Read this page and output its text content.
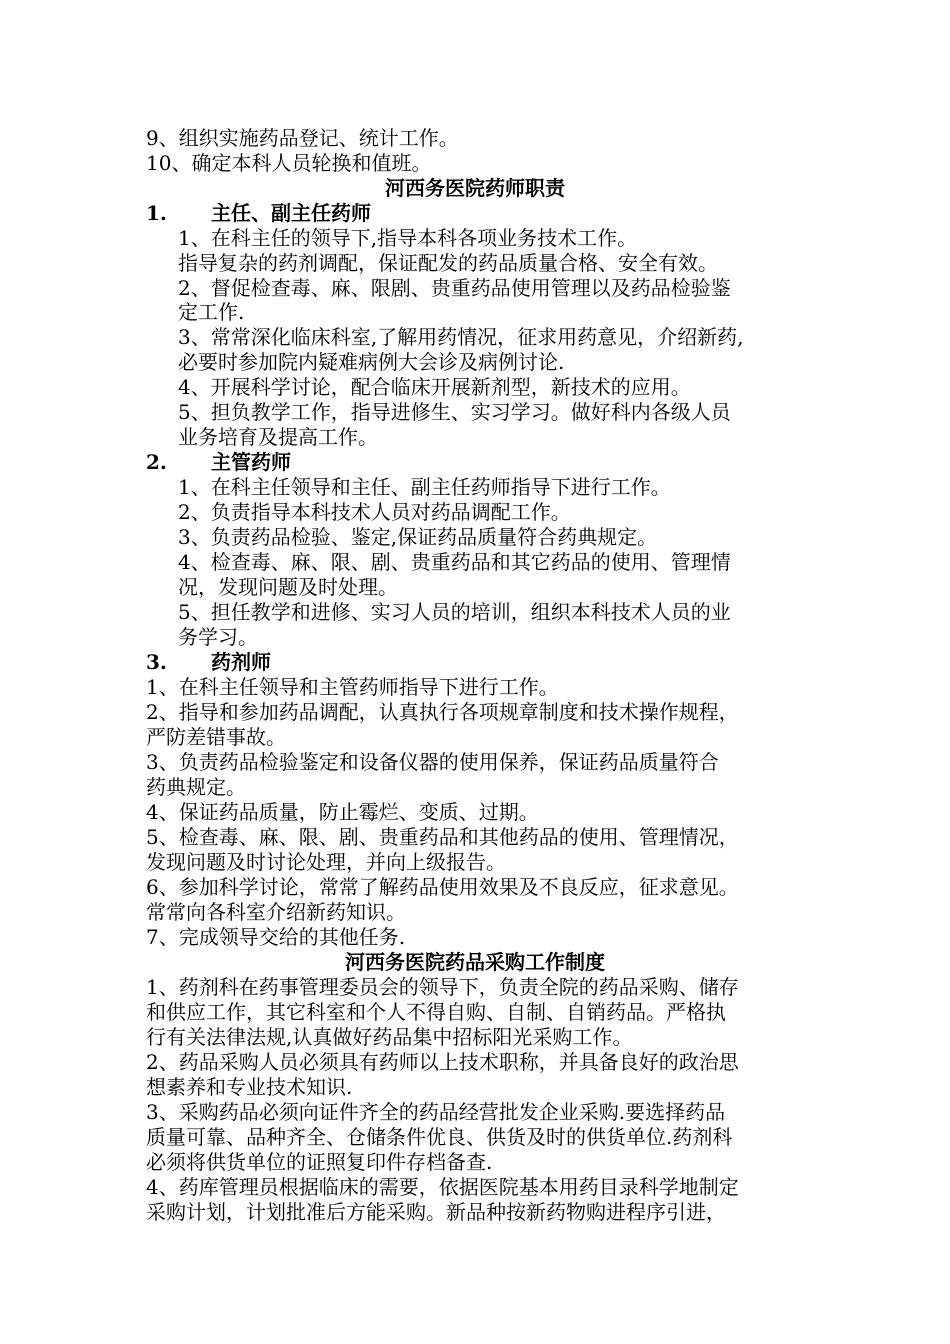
9、组织实施药品登记、统计工作。
10、确定本科人员轮换和值班。
河西务医院药师职责
1. 主任、副主任药师
1、在科主任的领导下,指导本科各项业务技术工作。
指导复杂的药剂调配，保证配发的药品质量合格、安全有效。
2、督促检查毒、麻、限剧、贵重药品使用管理以及药品检验鉴
定工作.
3、常常深化临床科室,了解用药情况，征求用药意见，介绍新药,
必要时参加院内疑难病例大会诊及病例讨论.
4、开展科学讨论，配合临床开展新剂型，新技术的应用。
5、担负教学工作，指导进修生、实习学习。做好科内各级人员
业务培育及提高工作。
2. 主管药师
1、在科主任领导和主任、副主任药师指导下进行工作。
2、负责指导本科技术人员对药品调配工作。
3、负责药品检验、鉴定,保证药品质量符合药典规定。
4、检查毒、麻、限、剧、贵重药品和其它药品的使用、管理情
况，发现问题及时处理。
5、担任教学和进修、实习人员的培训，组织本科技术人员的业
务学习。
3. 药剂师
1、在科主任领导和主管药师指导下进行工作。
2、指导和参加药品调配，认真执行各项规章制度和技术操作规程，
严防差错事故。
3、负责药品检验鉴定和设备仪器的使用保养，保证药品质量符合
药典规定。
4、保证药品质量，防止霉烂、变质、过期。
5、检查毒、麻、限、剧、贵重药品和其他药品的使用、管理情况，
发现问题及时讨论处理，并向上级报告。
6、参加科学讨论，常常了解药品使用效果及不良反应，征求意见。
常常向各科室介绍新药知识。
7、完成领导交给的其他任务.
河西务医院药品采购工作制度
1、药剂科在药事管理委员会的领导下，负责全院的药品采购、储存
和供应工作，其它科室和个人不得自购、自制、自销药品。严格执
行有关法律法规,认真做好药品集中招标阳光采购工作。
2、药品采购人员必须具有药师以上技术职称，并具备良好的政治思
想素养和专业技术知识.
3、采购药品必须向证件齐全的药品经营批发企业采购.要选择药品
质量可靠、品种齐全、仓储条件优良、供货及时的供货单位.药剂科
必须将供货单位的证照复印件存档备查.
4、药库管理员根据临床的需要，依据医院基本用药目录科学地制定
采购计划，计划批准后方能采购。新品种按新药物购进程序引进，
